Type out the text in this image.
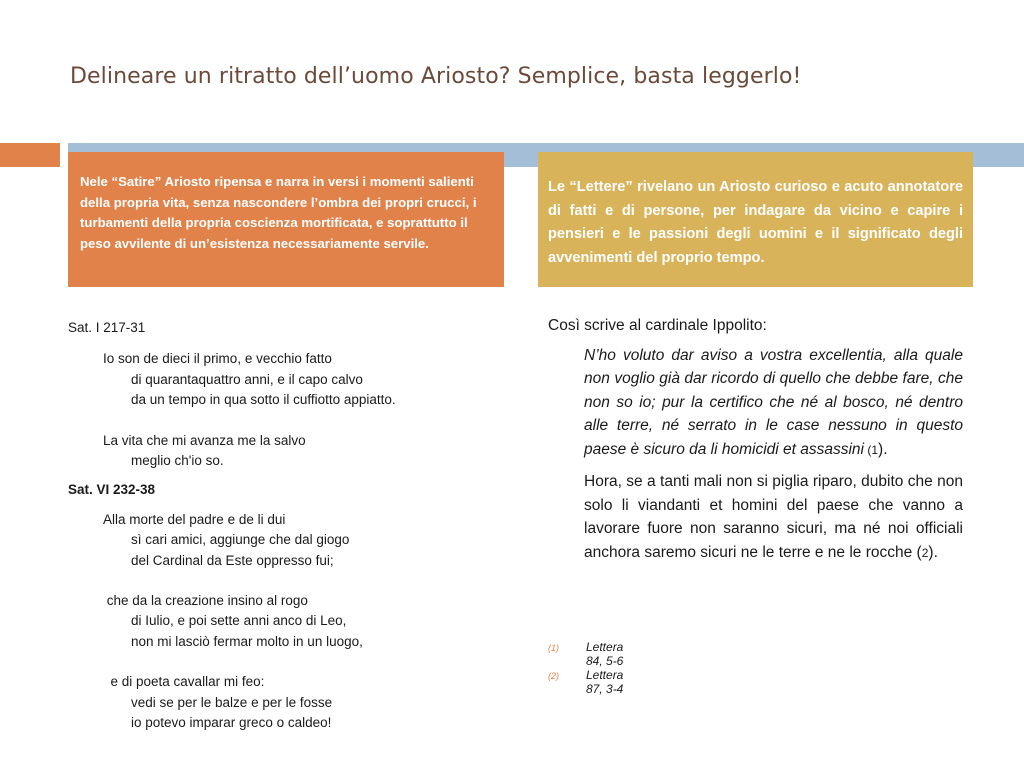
Delineare un ritratto dell’uomo Ariosto? Semplice, basta leggerlo!
Nele “Satire” Ariosto ripensa e narra in versi i momenti salienti della propria vita, senza nascondere l’ombra dei propri crucci, i turbamenti della propria coscienza mortificata, e soprattutto il peso avvilente di un’esistenza necessariamente servile.
Le “Lettere” rivelano un Ariosto curioso e acuto annotatore di fatti e di persone, per indagare da vicino e capire i pensieri e le passioni degli uomini e il significato degli avvenimenti del proprio tempo.
Sat. I 217-31
Io son de dieci il primo, e vecchio fatto
di quarantaquattro anni, e il capo calvo
da un tempo in qua sotto il cuffiotto appiatto.
La vita che mi avanza me la salvo
meglio ch'io so.
Sat. VI 232-38
Alla morte del padre e de li dui
sì cari amici, aggiunge che dal giogo
del Cardinal da Este oppresso fui;
che da la creazione insino al rogo
di Iulio, e poi sette anni anco di Leo,
non mi lasciò fermar molto in un luogo,
e di poeta cavallar mi feo:
vedi se per le balze e per le fosse
io potevo imparar greco o caldeo!
Così scrive al cardinale Ippolito:
N’ho voluto dar aviso a vostra excellentia, alla quale non voglio già dar ricordo di quello che debbe fare, che non so io; pur la certifico che né al bosco, né dentro alle terre, né serrato in le case nessuno in questo paese è sicuro da li homicidi et assassini (1).
Hora, se a tanti mali non si piglia riparo, dubito che non solo li viandanti et homini del paese che vanno a lavorare fuore non saranno sicuri, ma né noi officiali anchora saremo sicuri ne le terre e ne le rocche (2).
(1) Lettera 84, 5-6
(2) Lettera 87, 3-4
